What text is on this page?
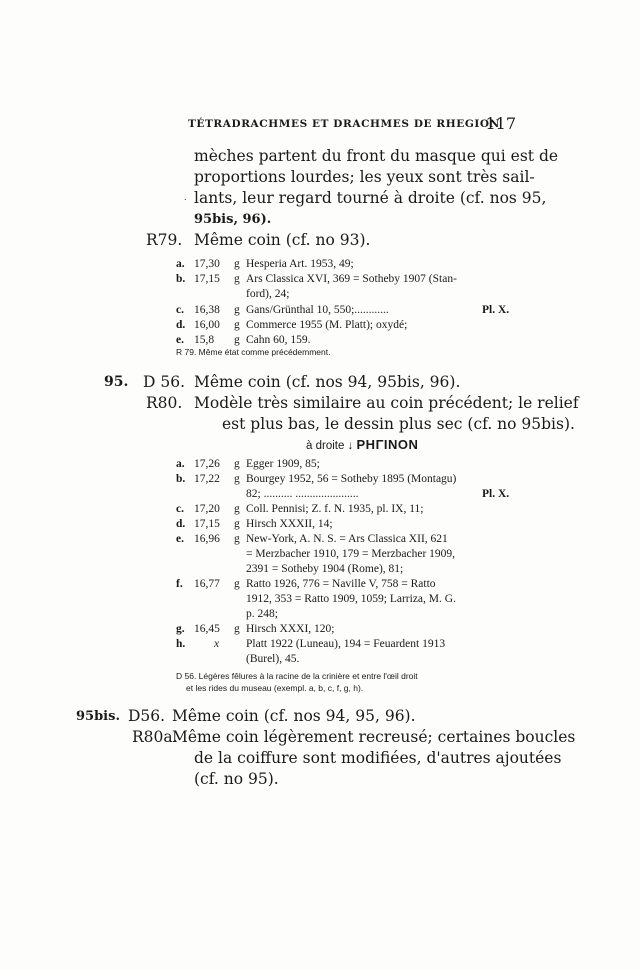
TÉTRADRACHMES ET DRACHMES DE RHEGION
117
mèches partent du front du masque qui est de
proportions lourdes; les yeux sont très sail-
. lants, leur regard tourné à droite (cf. nos 95,
95bis, 96).
R79. Même coin (cf. no 93).
a. 17,30 g Hesperia Art. 1953, 49;
b. 17,15 g Ars Classica XVI, 369 = Sotheby 1907 (Stan-
ford), 24;
c. 16,38 g Gans/Grünthal 10, 550;............	Pl. X.
d. 16,00 g Commerce 1955 (M. Platt); oxydé;
e. 15,8 g Cahn 60, 159.
R 79. Même état comme précédemment.
95. D 56. Même coin (cf. nos 94, 95bis, 96).
R80. Modèle très similaire au coin précédent; le relief
est plus bas, le dessin plus sec (cf. no 95bis).
à droite ↓ PHΓINON
a. 17,26 g Egger 1909, 85;
b. 17,22 g Bourgey 1952, 56 = Sotheby 1895 (Montagu)
82; .......... ......................	Pl. X.
c. 17,20 g Coll. Pennisi; Z. f. N. 1935, pl. IX, 11;
d. 17,15 g Hirsch XXXII, 14;
e. 16,96 g New-York, A. N. S. = Ars Classica XII, 621
= Merzbacher 1910, 179 = Merzbacher 1909,
2391 = Sotheby 1904 (Rome), 81;
f. 16,77 g Ratto 1926, 776 = Naville V, 758 = Ratto
1912, 353 = Ratto 1909, 1059; Larriza, M. G.
p. 248;
g. 16,45 g Hirsch XXXI, 120;
h. x Platt 1922 (Luneau), 194 = Feuardent 1913
(Burel), 45.
D 56. Légères fêlures à la racine de la crinière et entre l'œil droit
et les rides du museau (exempl. a, b, c, f, g, h).
95bis. D56. Même coin (cf. nos 94, 95, 96).
R80a.
Même coin légèrement recreusé; certaines boucles
de la coiffure sont modifiées, d'autres ajoutées
(cf. no 95).
